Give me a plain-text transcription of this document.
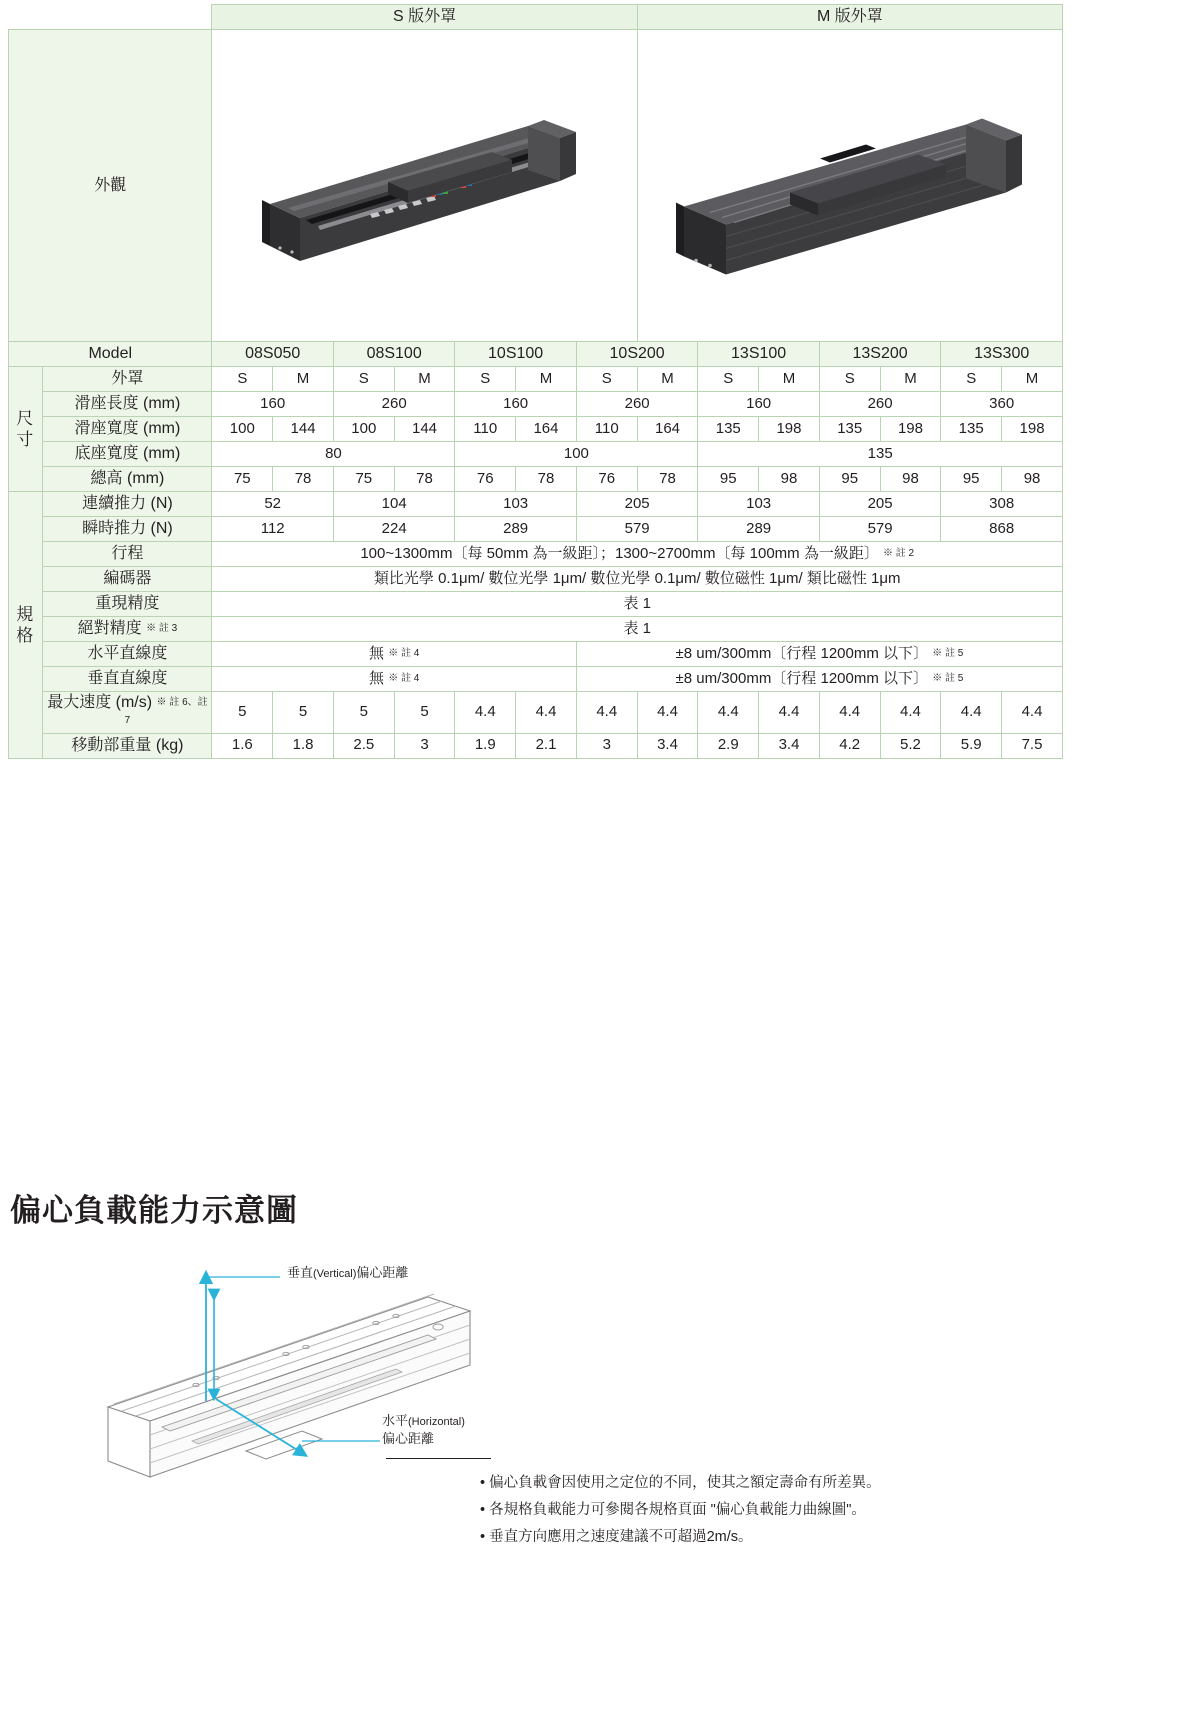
		S 版外罩							M 版外罩						
外觀	

Model		08S050		08S100		10S100		10S200		13S100		13S200		13S300	

尺寸	外罩	S	M	S	M	S	M	S	M	S	M	S	M	S	M
	滑座長度 (mm)	160		260		160		260		160		260		360	
	滑座寬度 (mm)	100	144	100	144	110	164	110	164	135	198	135	198	135	198
	底座寬度 (mm)	80				100				135					
	總高 (mm)	75	78	75	78	76	78	76	78	95	98	95	98	95	98

規格	連續推力 (N)	52		104		103		205		103		205		308	
	瞬時推力 (N)	112		224		289		579		289		579		868	
	行程	100~1300mm〔每 50mm 為一級距〕；1300~2700mm〔每 100mm 為一級距〕 ※ 註 2													
	編碼器	類比光學 0.1μm/ 數位光學 1μm/ 數位光學 0.1μm/ 數位磁性 1μm/ 類比磁性 1μm													
	重現精度	表 1													
	絕對精度 ※ 註 3	表 1													
	水平直線度	無 ※ 註 4						±8 um/300mm〔行程 1200mm 以下〕 ※ 註 5							
	垂直直線度	無 ※ 註 4						±8 um/300mm〔行程 1200mm 以下〕 ※ 註 5							
	最大速度 (m/s) ※ 註 6、註 7	5	5	5	5	4.4	4.4	4.4	4.4	4.4	4.4	4.4	4.4	4.4	4.4
	移動部重量 (kg)	1.6	1.8	2.5	3	1.9	2.1	3	3.4	2.9	3.4	4.2	5.2	5.9	7.5
偏心負載能力示意圖
垂直(Vertical)偏心距離
水平(Horizontal)
偏心距離
• 偏心負載會因使用之定位的不同，使其之額定壽命有所差異。
• 各規格負載能力可參閱各規格頁面 "偏心負載能力曲線圖"。
• 垂直方向應用之速度建議不可超過2m/s。
